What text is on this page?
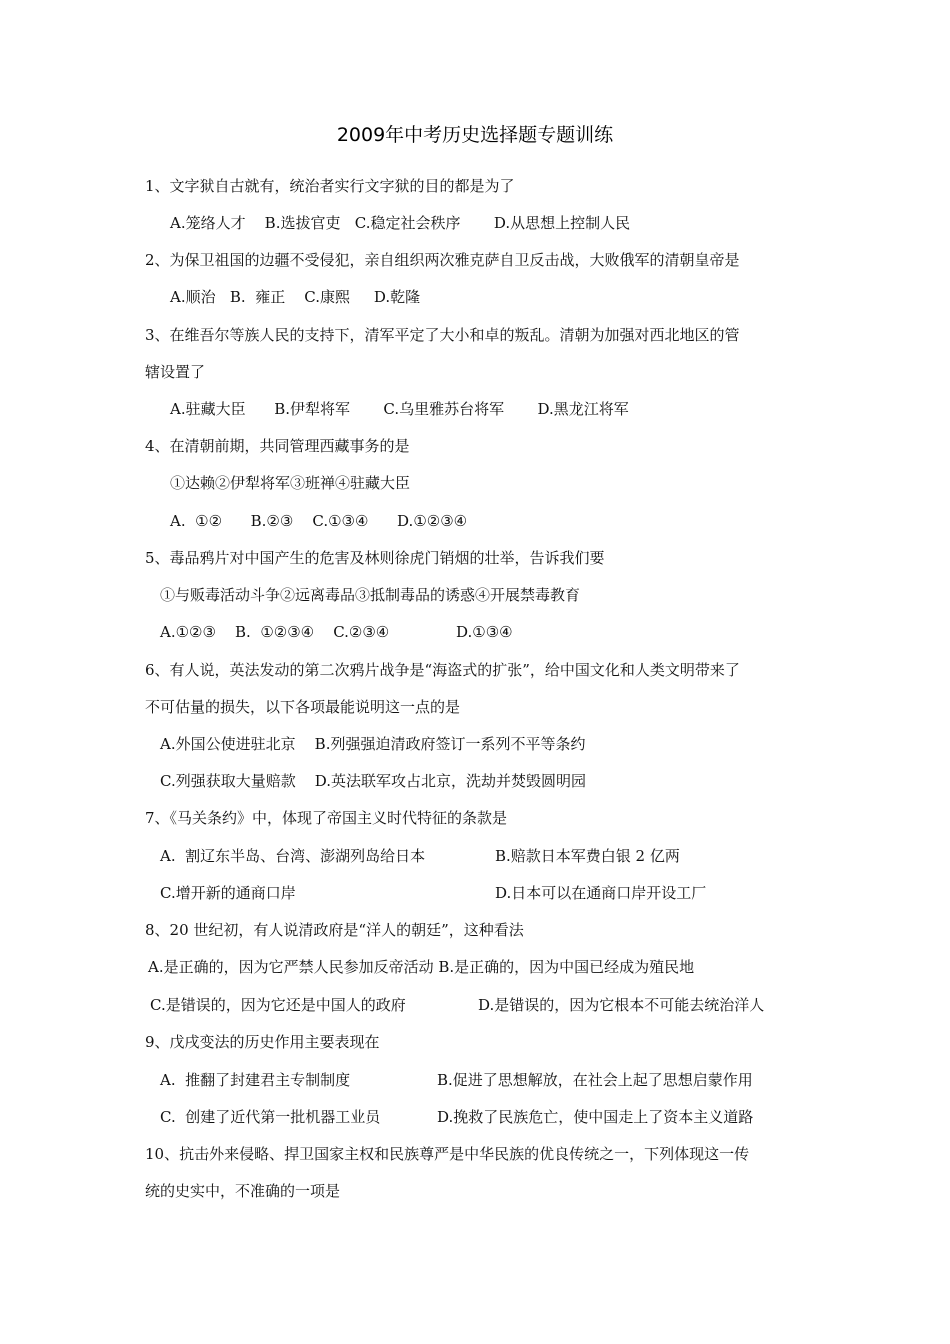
2009年中考历史选择题专题训练
1、文字狱自古就有，统治者实行文字狱的目的都是为了
A.笼络人才    B.选拔官吏   C.稳定社会秩序       D.从思想上控制人民
2、为保卫祖国的边疆不受侵犯，亲自组织两次雅克萨自卫反击战，大败俄军的清朝皇帝是
A.顺治   B.  雍正    C.康熙     D.乾隆
3、在维吾尔等族人民的支持下，清军平定了大小和卓的叛乱。清朝为加强对西北地区的管
辖设置了
A.驻藏大臣      B.伊犁将军       C.乌里雅苏台将军       D.黑龙江将军
4、在清朝前期，共同管理西藏事务的是
①达赖②伊犁将军③班禅④驻藏大臣
A.  ①②      B.②③    C.①③④      D.①②③④
5、毒品鸦片对中国产生的危害及林则徐虎门销烟的壮举，告诉我们要
①与贩毒活动斗争②远离毒品③抵制毒品的诱惑④开展禁毒教育
A.①②③    B.  ①②③④    C.②③④              D.①③④
6、有人说，英法发动的第二次鸦片战争是“海盗式的扩张”，给中国文化和人类文明带来了
不可估量的损失，以下各项最能说明这一点的是
A.外国公使进驻北京    B.列强强迫清政府签订一系列不平等条约
C.列强获取大量赔款    D.英法联军攻占北京，洗劫并焚毁圆明园
7、《马关条约》中，体现了帝国主义时代特征的条款是
A.  割辽东半岛、台湾、澎湖列岛给日本	B.赔款日本军费白银 2 亿两
C.增开新的通商口岸	D.日本可以在通商口岸开设工厂
8、20 世纪初，有人说清政府是“洋人的朝廷”，这种看法
A.是正确的，因为它严禁人民参加反帝活动 B.是正确的，因为中国已经成为殖民地
C.是错误的，因为它还是中国人的政府	D.是错误的，因为它根本不可能去统治洋人
9、戊戌变法的历史作用主要表现在
A.  推翻了封建君主专制制度	B.促进了思想解放，在社会上起了思想启蒙作用
C.  创建了近代第一批机器工业员	D.挽救了民族危亡，使中国走上了资本主义道路
10、抗击外来侵略、捍卫国家主权和民族尊严是中华民族的优良传统之一，下列体现这一传
统的史实中，不准确的一项是
